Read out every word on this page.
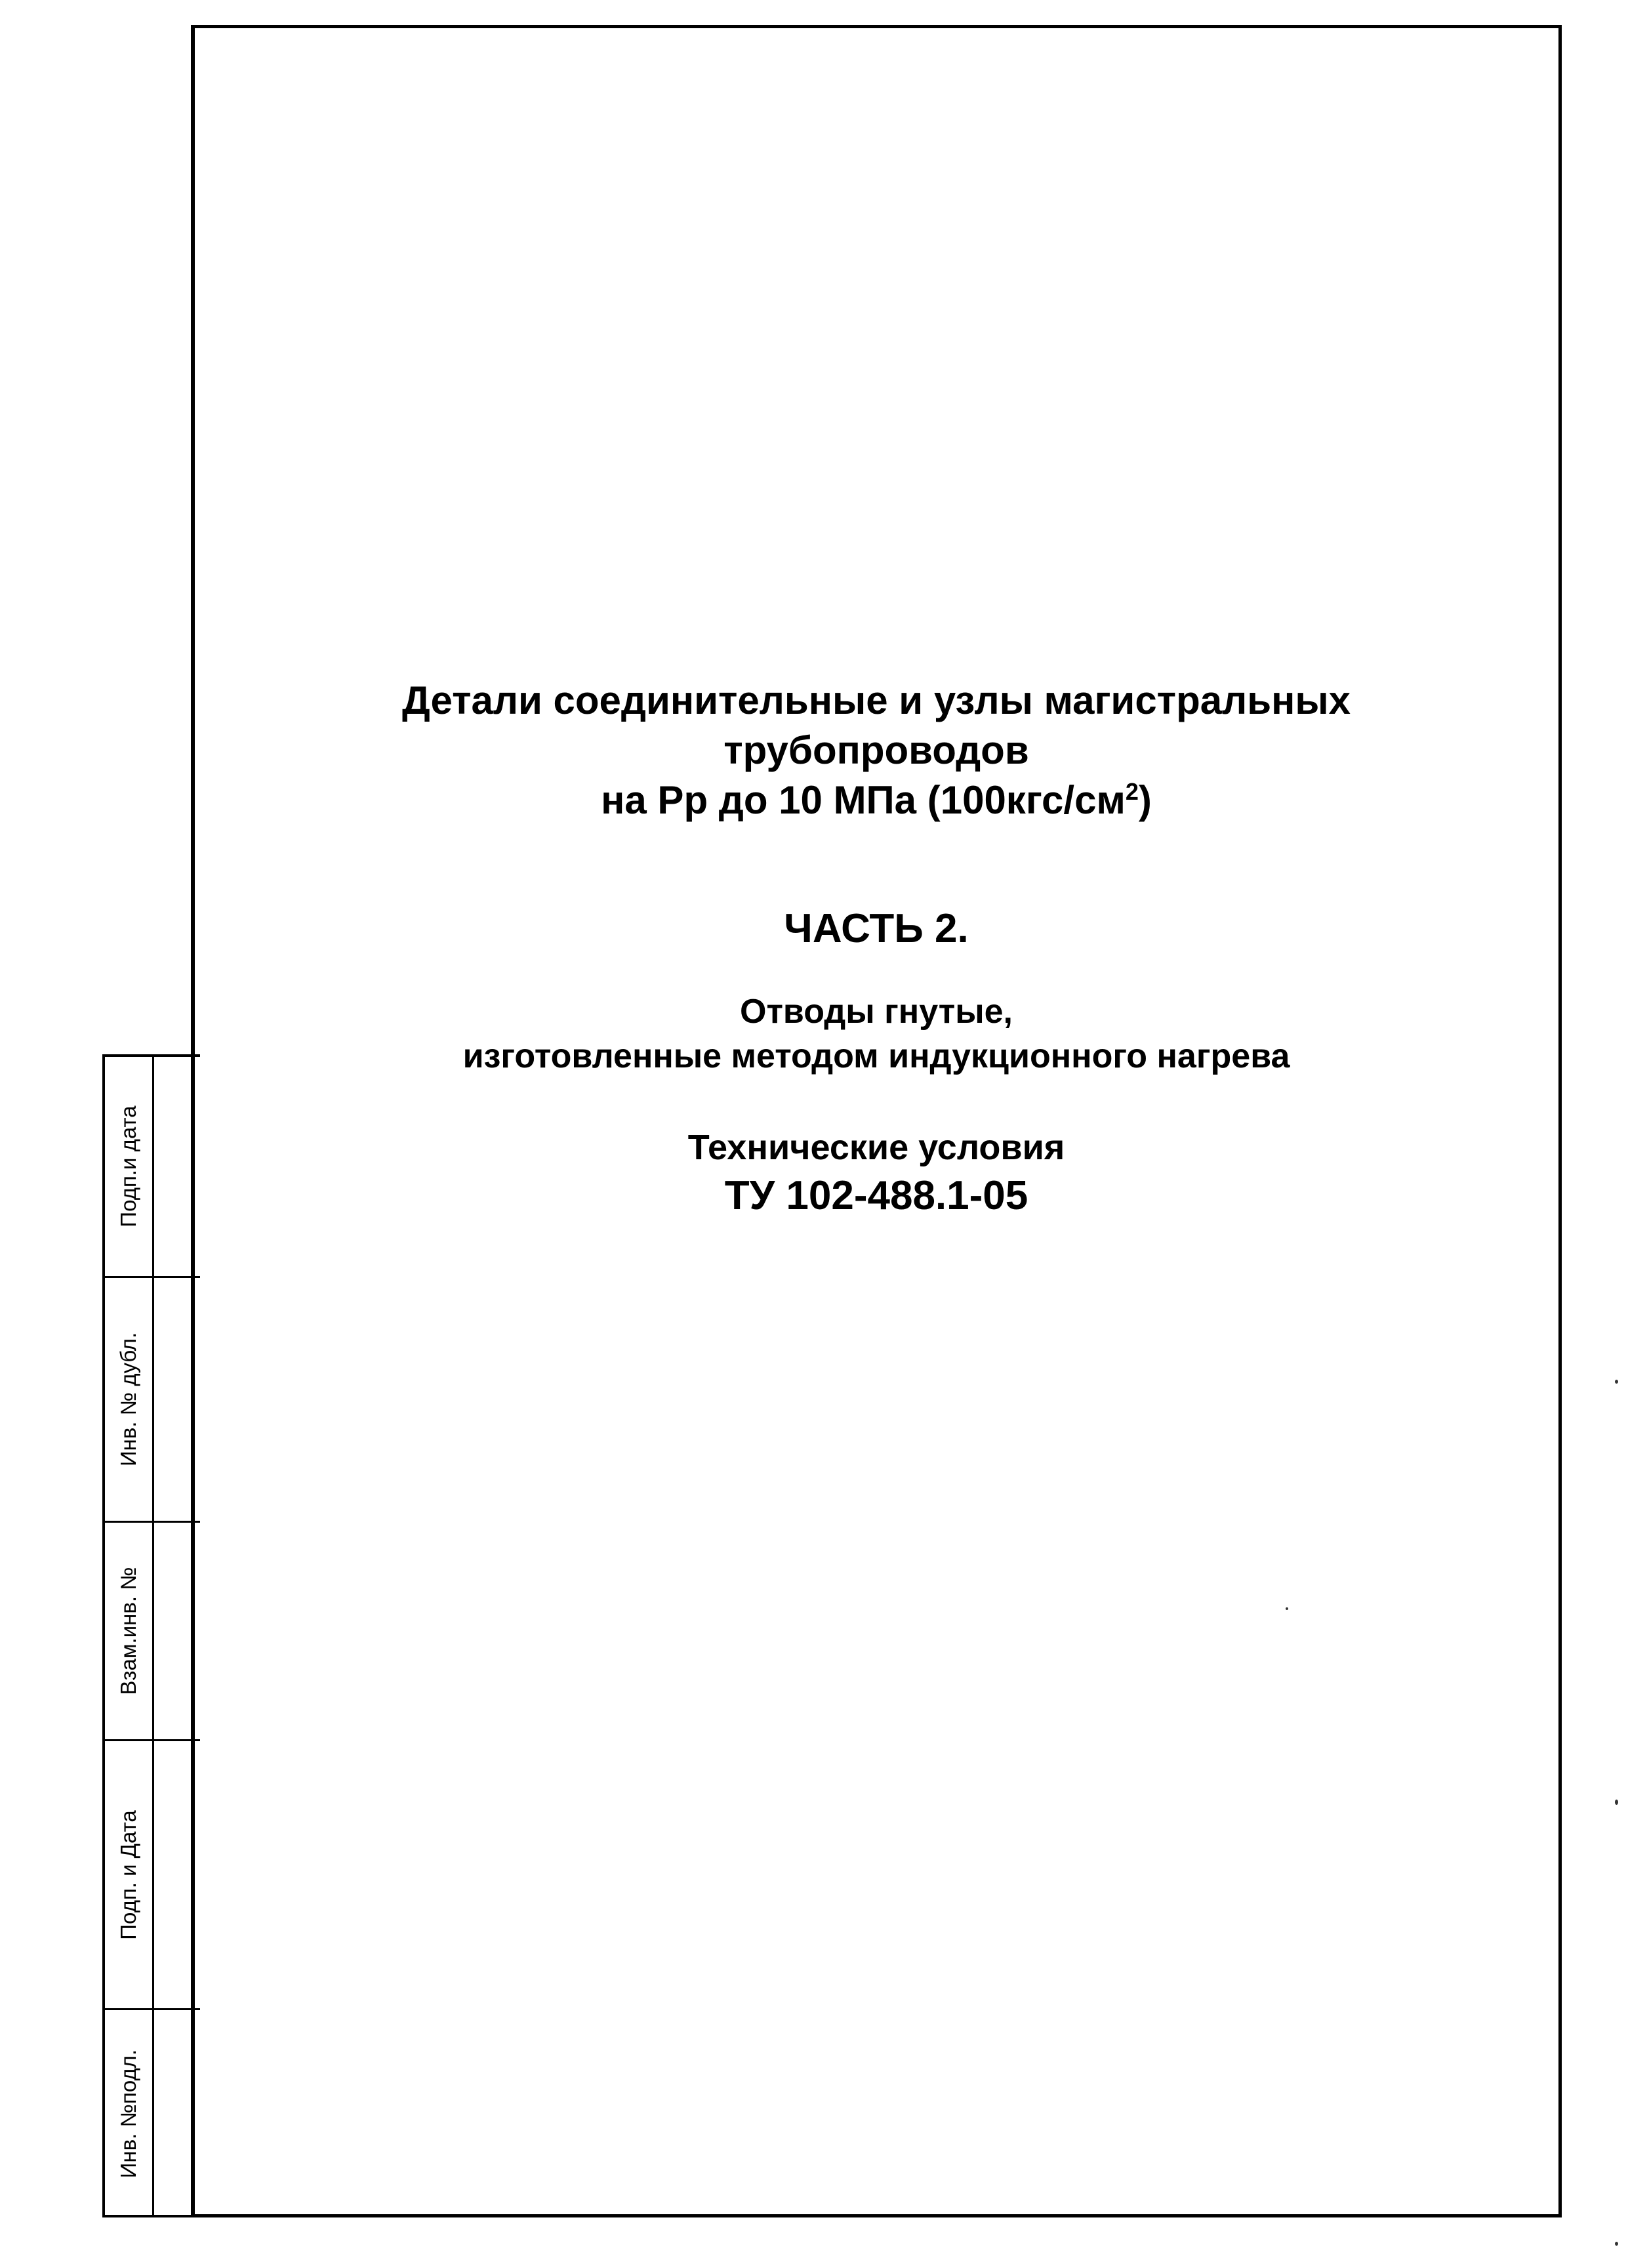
Подп.и дата
Инв. № дубл.
Взам.инв. №
Подп. и Дата
Инв. №подл.
Детали соединительные и узлы магистральных
трубопроводов
на Рр до 10 МПа $(100кгс/см^2)$
ЧАСТЬ 2.
Отводы гнутые,
изготовленные методом индукционного нагрева
Технические условия
ТУ 102-488.1-05
